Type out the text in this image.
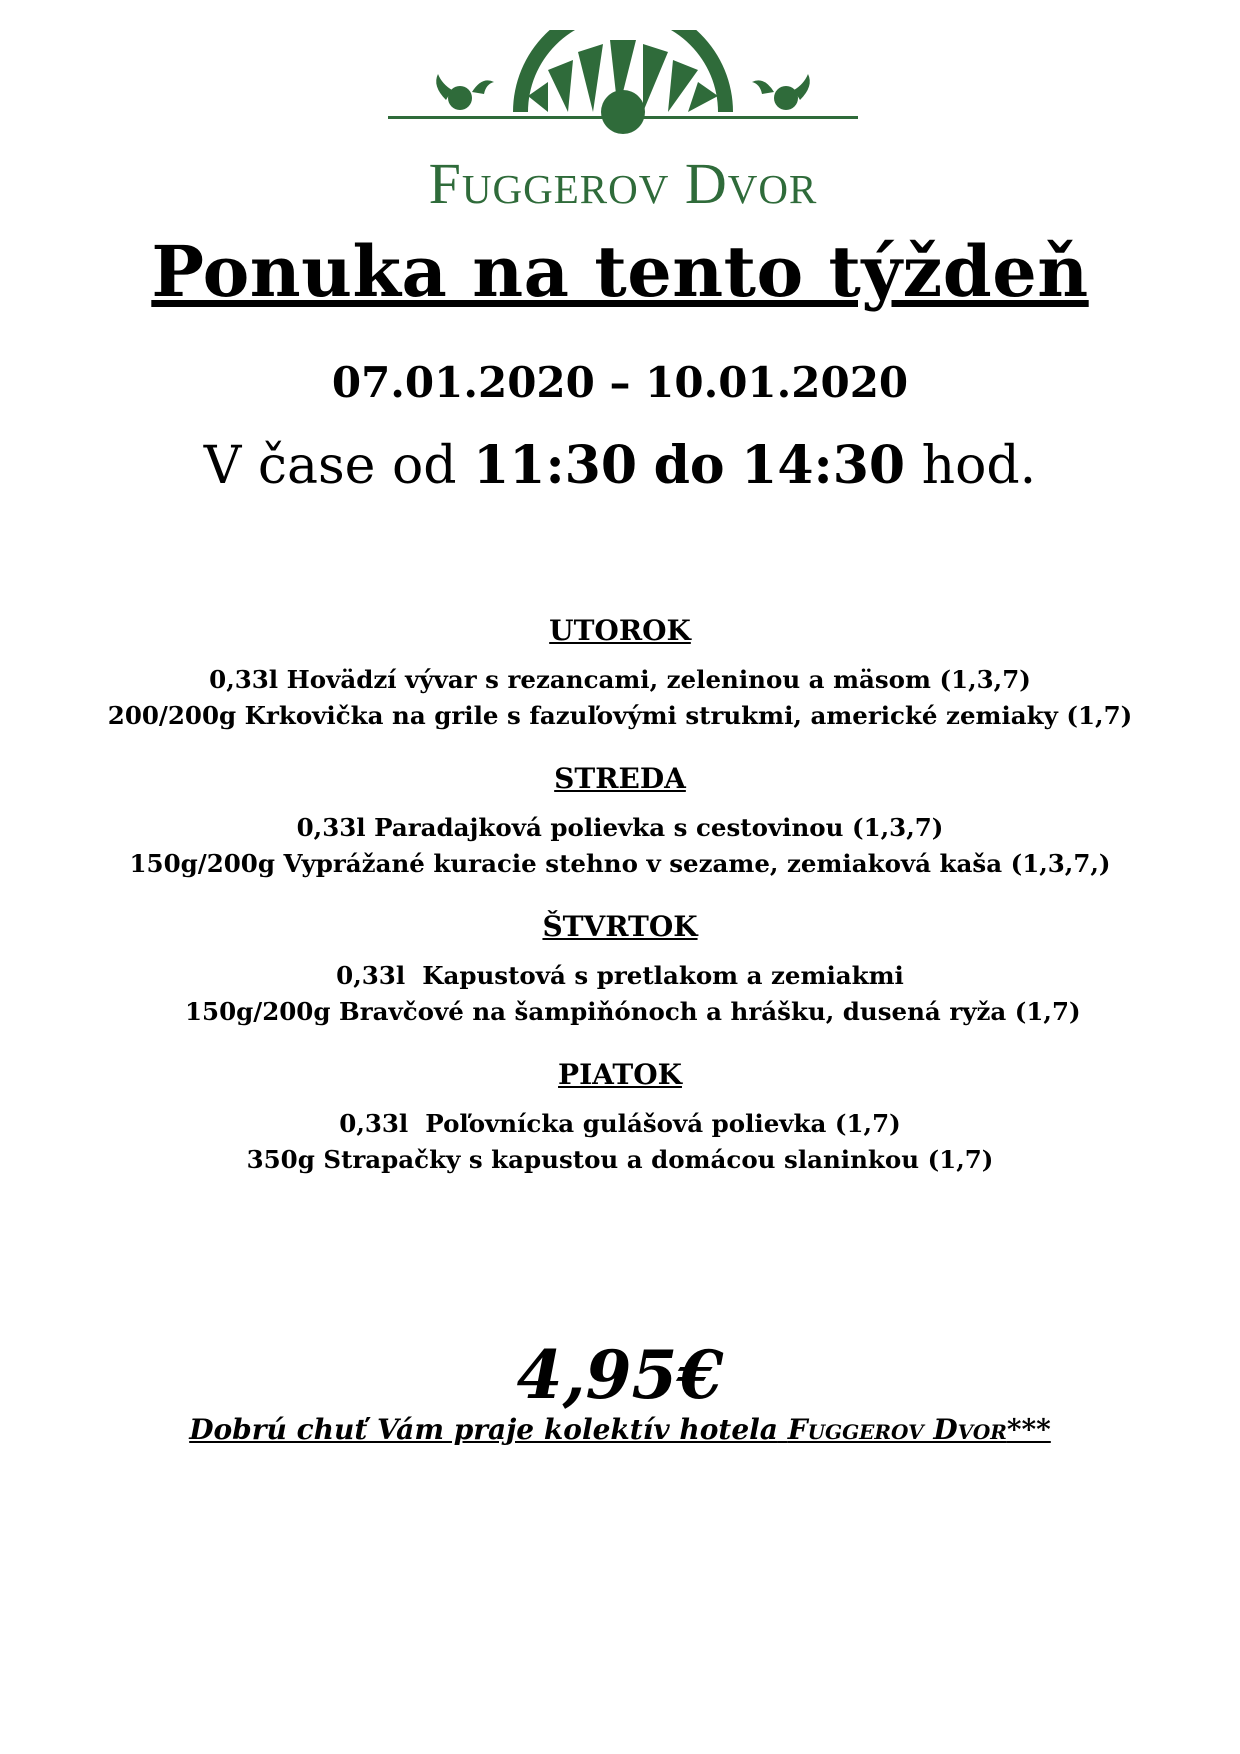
Fuggerov Dvor
Ponuka na tento týždeň
07.01.2020 – 10.01.2020
V čase od 11:30 do 14:30 hod.
UTOROK
0,33l Hovädzí vývar s rezancami, zeleninou a mäsom (1,3,7)
200/200g Krkovička na grile s fazuľovými strukmi, americké zemiaky (1,7)
STREDA
0,33l Paradajková polievka s cestovinou (1,3,7)
150g/200g Vyprážané kuracie stehno v sezame, zemiaková kaša (1,3,7,)
ŠTVRTOK
0,33l  Kapustová s pretlakom a zemiakmi
150g/200g Bravčové na šampiňónoch a hrášku, dusená ryža (1,7)
PIATOK
0,33l  Poľovnícka gulášová polievka (1,7)
350g Strapačky s kapustou a domácou slaninkou (1,7)
4,95€
Dobrú chuť Vám praje kolektív hotela Fuggerov Dvor***
